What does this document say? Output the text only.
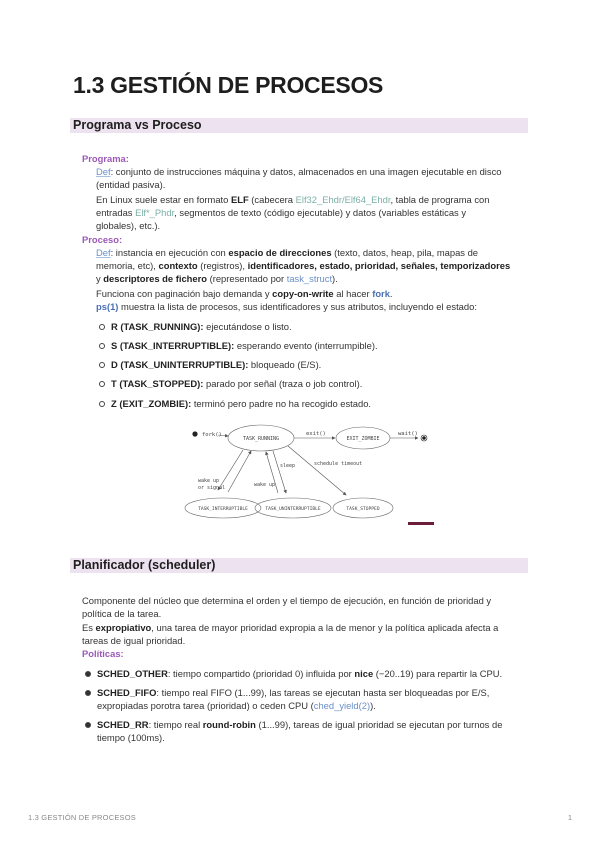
1.3 GESTIÓN DE PROCESOS
Programa vs Proceso
Programa:
Def: conjunto de instrucciones máquina y datos, almacenados en una imagen ejecutable en disco
(entidad pasiva).
En Linux suele estar en formato ELF (cabecera Elf32_Ehdr/Elf64_Ehdr, tabla de programa con
entradas Elf*_Phdr, segmentos de texto (código ejecutable) y datos (variables estáticas y
globales), etc.).
Proceso:
Def: instancia en ejecución con espacio de direcciones (texto, datos, heap, pila, mapas de
memoria, etc), contexto (registros), identificadores, estado, prioridad, señales, temporizadores
y descriptores de fichero (representado por task_struct).
Funciona con paginación bajo demanda y copy-on-write al hacer fork.
ps(1) muestra la lista de procesos, sus identificadores y sus atributos, incluyendo el estado:
R (TASK_RUNNING): ejecutándose o listo.
S (TASK_INTERRUPTIBLE): esperando evento (interrumpible).
D (TASK_UNINTERRUPTIBLE): bloqueado (E/S).
T (TASK_STOPPED): parado por señal (traza o job control).
Z (EXIT_ZOMBIE): terminó pero padre no ha recogido estado.
fork()
TASK_RUNNING
exit()
EXIT_ZOMBIE
wait()
wake up
or signal
sleep
wake up
schedule timeout
TASK_INTERRUPTIBLE	TASK_UNINTERRUPTIBLE	TASK_STOPPED
Planificador (scheduler)
Componente del núcleo que determina el orden y el tiempo de ejecución, en función de prioridad y
política de la tarea.
Es expropiativo, una tarea de mayor prioridad expropia a la de menor y la política aplicada afecta a
tareas de igual prioridad.
Políticas:
SCHED_OTHER: tiempo compartido (prioridad 0) influida por nice (−20..19) para repartir la CPU.
SCHED_FIFO: tiempo real FIFO (1...99), las tareas se ejecutan hasta ser bloqueadas por E/S,
expropiadas porotra tarea (prioridad) o ceden CPU (ched_yield(2)).
SCHED_RR: tiempo real round-robin (1...99), tareas de igual prioridad se ejecutan por turnos de
tiempo (100ms).
1.3 GESTIÓN DE PROCESOS	1
